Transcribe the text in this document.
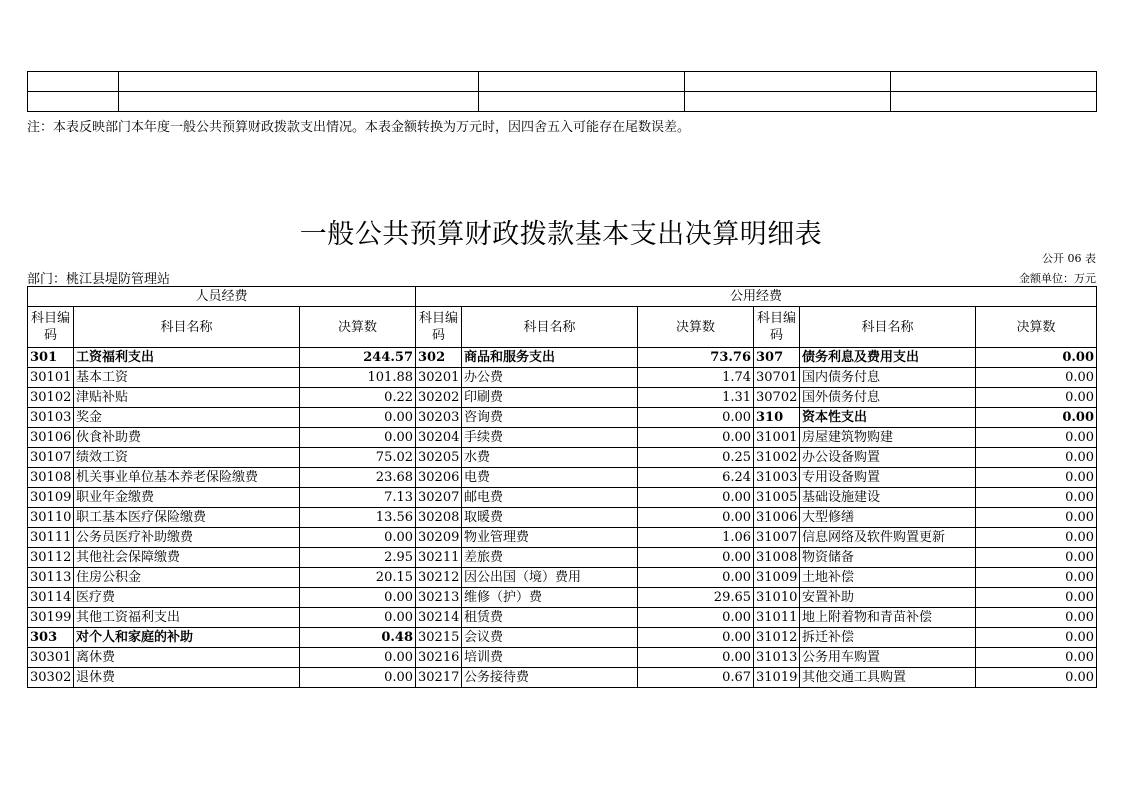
注：本表反映部门本年度一般公共预算财政拨款支出情况。本表金额转换为万元时，因四舍五入可能存在尾数误差。
一般公共预算财政拨款基本支出决算明细表
公开 06 表
部门：桃江县堤防管理站	金额单位：万元
人员经费			公用经费					
科目编码	科目名称	决算数	科目编码	科目名称	决算数	科目编码	科目名称	决算数
301	工资福利支出	244.57	302	商品和服务支出	73.76	307	债务利息及费用支出	0.00
30101	基本工资	101.88	30201	办公费	1.74	30701	国内债务付息	0.00
30102	津贴补贴	0.22	30202	印刷费	1.31	30702	国外债务付息	0.00
30103	奖金	0.00	30203	咨询费	0.00	310	资本性支出	0.00
30106	伙食补助费	0.00	30204	手续费	0.00	31001	房屋建筑物购建	0.00
30107	绩效工资	75.02	30205	水费	0.25	31002	办公设备购置	0.00
30108	机关事业单位基本养老保险缴费	23.68	30206	电费	6.24	31003	专用设备购置	0.00
30109	职业年金缴费	7.13	30207	邮电费	0.00	31005	基础设施建设	0.00
30110	职工基本医疗保险缴费	13.56	30208	取暖费	0.00	31006	大型修缮	0.00
30111	公务员医疗补助缴费	0.00	30209	物业管理费	1.06	31007	信息网络及软件购置更新	0.00
30112	其他社会保障缴费	2.95	30211	差旅费	0.00	31008	物资储备	0.00
30113	住房公积金	20.15	30212	因公出国（境）费用	0.00	31009	土地补偿	0.00
30114	医疗费	0.00	30213	维修（护）费	29.65	31010	安置补助	0.00
30199	其他工资福利支出	0.00	30214	租赁费	0.00	31011	地上附着物和青苗补偿	0.00
303	对个人和家庭的补助	0.48	30215	会议费	0.00	31012	拆迁补偿	0.00
30301	离休费	0.00	30216	培训费	0.00	31013	公务用车购置	0.00
30302	退休费	0.00	30217	公务接待费	0.67	31019	其他交通工具购置	0.00
